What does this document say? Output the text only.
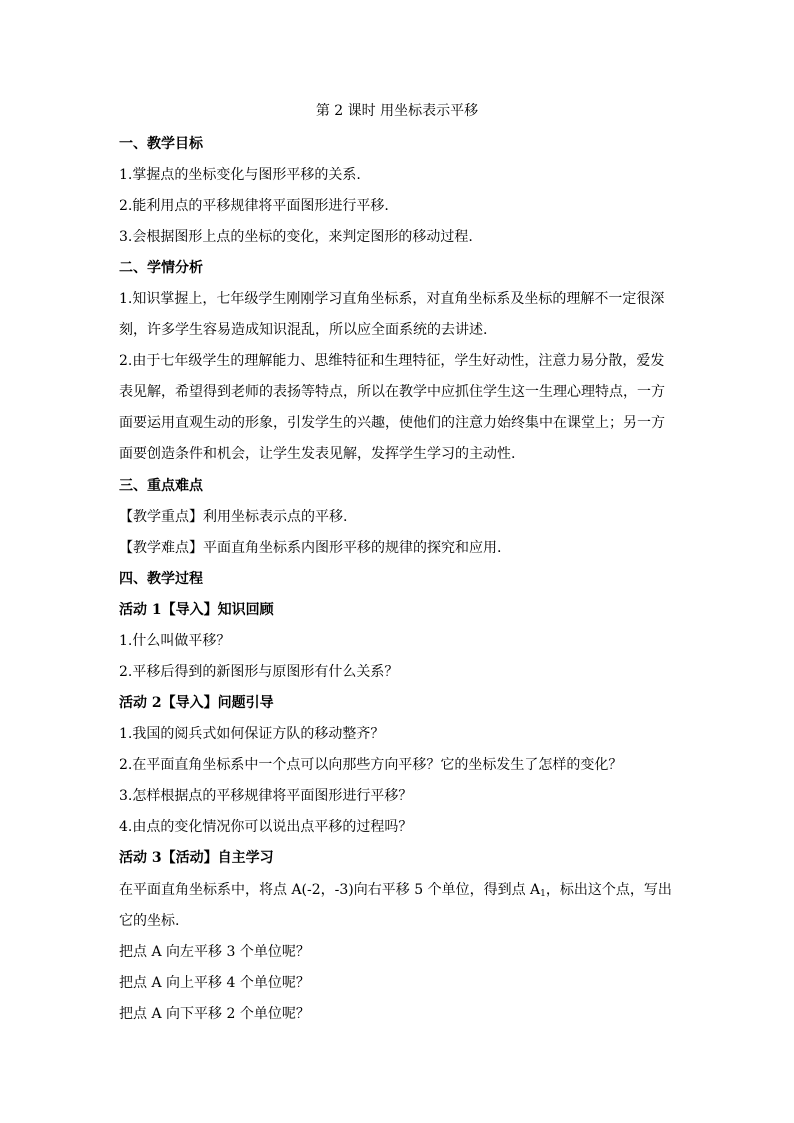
第 2 课时 用坐标表示平移
一、教学目标
1.掌握点的坐标变化与图形平移的关系.
2.能利用点的平移规律将平面图形进行平移.
3.会根据图形上点的坐标的变化，来判定图形的移动过程.
二、学情分析
1.知识掌握上，七年级学生刚刚学习直角坐标系，对直角坐标系及坐标的理解不一定很深
刻，许多学生容易造成知识混乱，所以应全面系统的去讲述.
2.由于七年级学生的理解能力、思维特征和生理特征，学生好动性，注意力易分散，爱发
表见解，希望得到老师的表扬等特点，所以在教学中应抓住学生这一生理心理特点，一方
面要运用直观生动的形象，引发学生的兴趣，使他们的注意力始终集中在课堂上；另一方
面要创造条件和机会，让学生发表见解，发挥学生学习的主动性.
三、重点难点
【教学重点】利用坐标表示点的平移.
【教学难点】平面直角坐标系内图形平移的规律的探究和应用.
四、教学过程
活动 1【导入】知识回顾
1.什么叫做平移？
2.平移后得到的新图形与原图形有什么关系？
活动 2【导入】问题引导
1.我国的阅兵式如何保证方队的移动整齐？
2.在平面直角坐标系中一个点可以向那些方向平移？它的坐标发生了怎样的变化？
3.怎样根据点的平移规律将平面图形进行平移？
4.由点的变化情况你可以说出点平移的过程吗？
活动 3【活动】自主学习
在平面直角坐标系中，将点 A(-2，-3)向右平移 5 个单位，得到点 $A_1$，标出这个点，写出
它的坐标.
把点 A 向左平移 3 个单位呢？
把点 A 向上平移 4 个单位呢？
把点 A 向下平移 2 个单位呢？
